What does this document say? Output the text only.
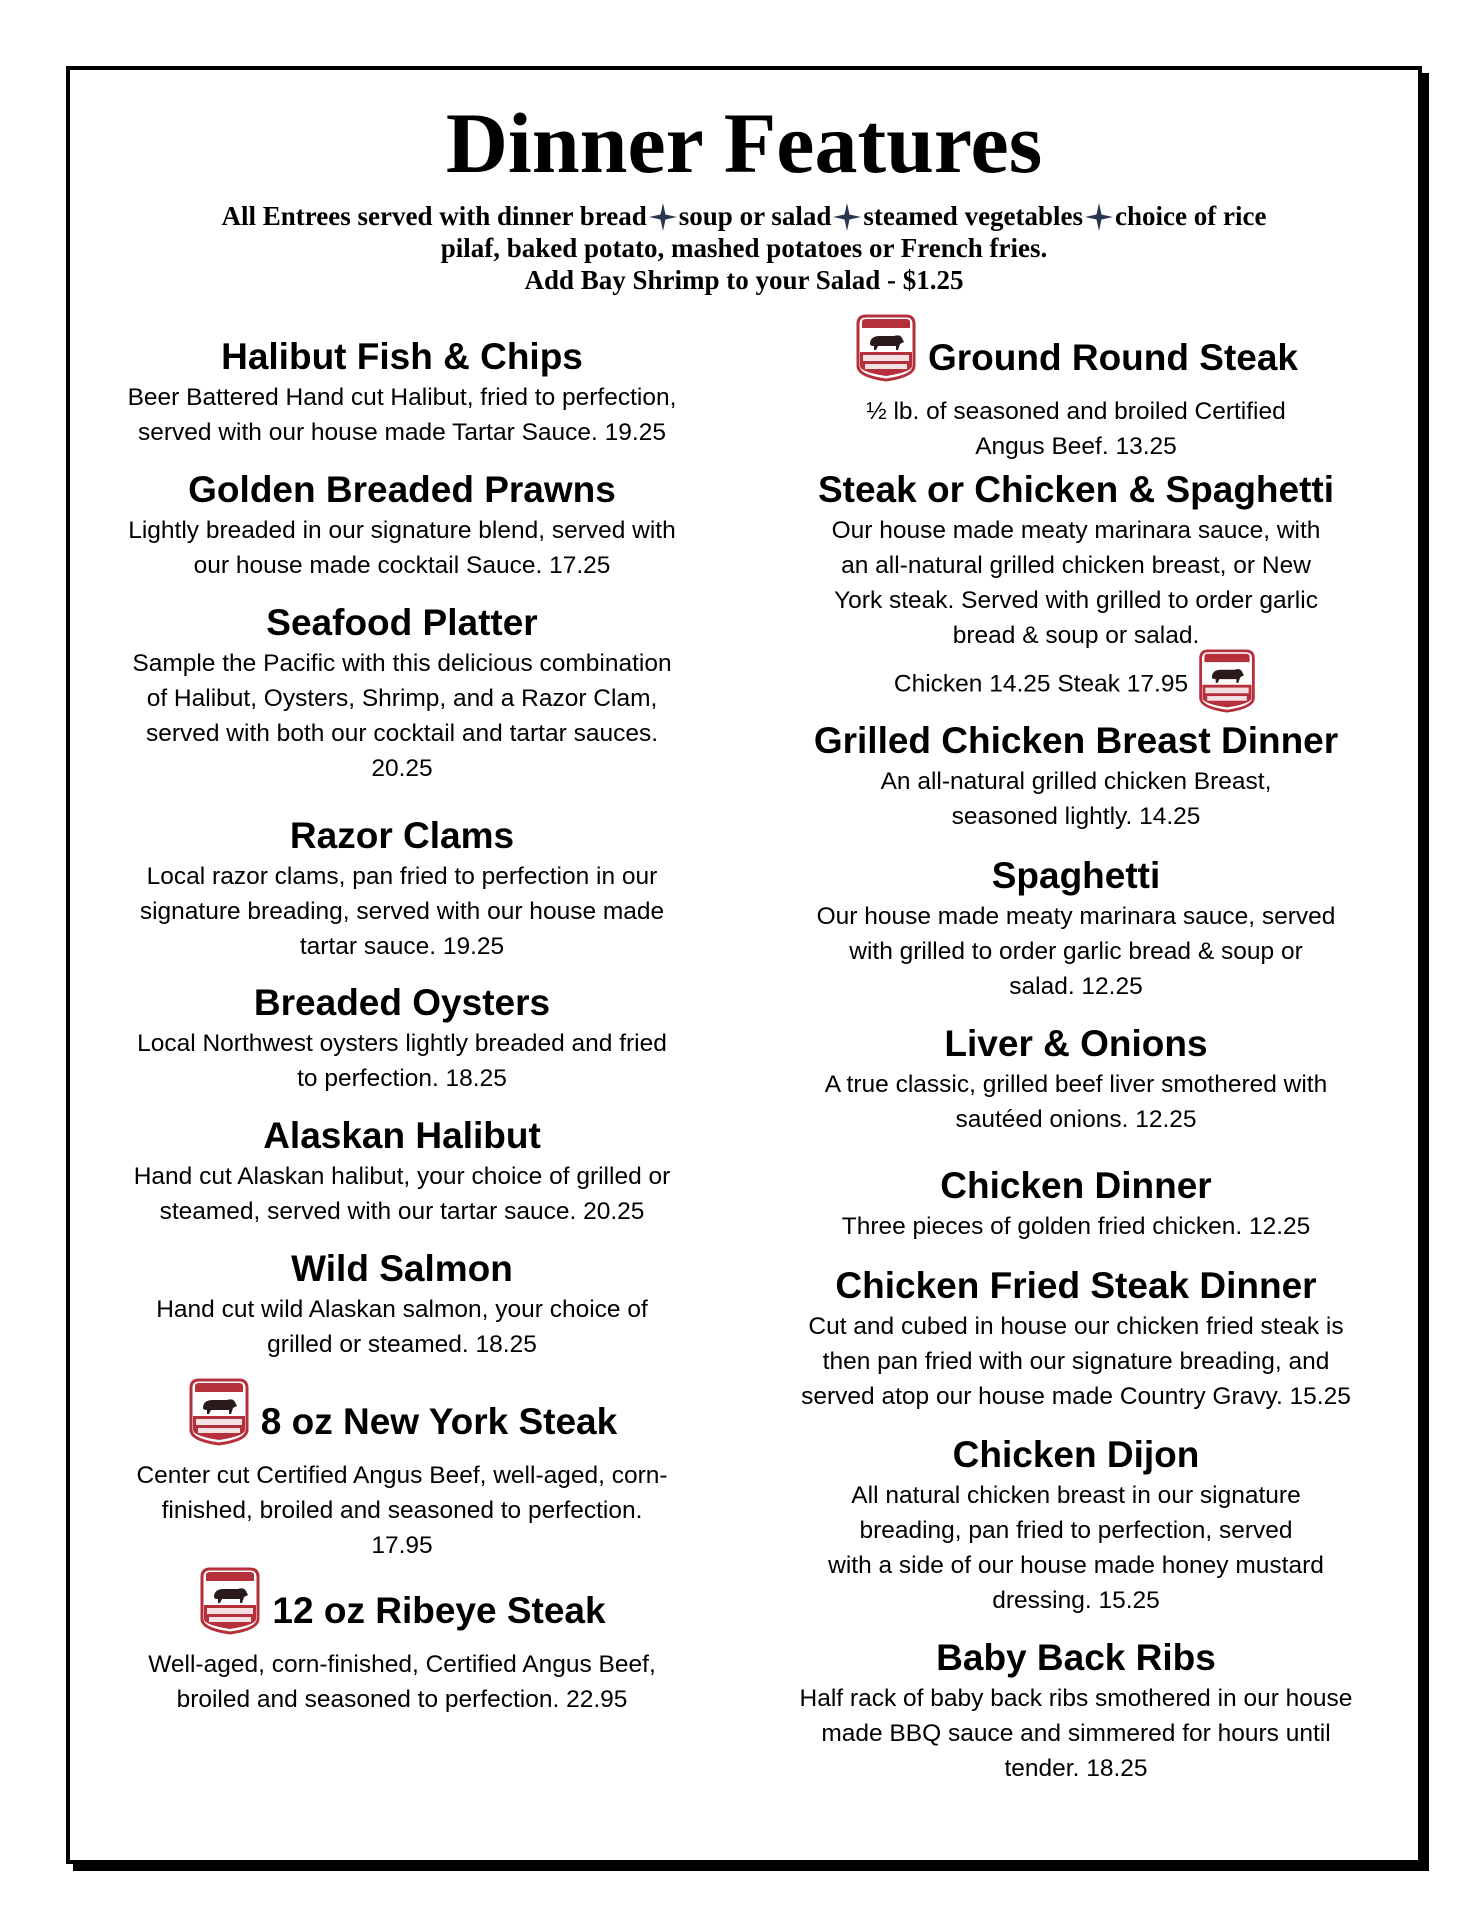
Dinner Features
All Entrees served with dinner bread soup or salad steamed vegetables choice of rice
pilaf, baked potato, mashed potatoes or French fries.
Add Bay Shrimp to your Salad - $1.25
Halibut Fish & Chips
Beer Battered Hand cut Halibut, fried to perfection,
served with our house made Tartar Sauce. 19.25
Golden Breaded Prawns
Lightly breaded in our signature blend, served with
our house made cocktail Sauce. 17.25
Seafood Platter
Sample the Pacific with this delicious combination
of Halibut, Oysters, Shrimp, and a Razor Clam,
served with both our cocktail and tartar sauces.
20.25
Razor Clams
Local razor clams, pan fried to perfection in our
signature breading, served with our house made
tartar sauce. 19.25
Breaded Oysters
Local Northwest oysters lightly breaded and fried
to perfection. 18.25
Alaskan Halibut
Hand cut Alaskan halibut, your choice of grilled or
steamed, served with our tartar sauce. 20.25
Wild Salmon
Hand cut wild Alaskan salmon, your choice of
grilled or steamed. 18.25
8 oz New York Steak
Center cut Certified Angus Beef, well-aged, corn-
finished, broiled and seasoned to perfection.
17.95
12 oz Ribeye Steak
Well-aged, corn-finished, Certified Angus Beef,
broiled and seasoned to perfection. 22.95
Ground Round Steak
½ lb. of seasoned and broiled Certified
Angus Beef. 13.25
Steak or Chicken & Spaghetti
Our house made meaty marinara sauce, with
an all-natural grilled chicken breast, or New
York steak. Served with grilled to order garlic
bread & soup or salad.
Chicken 14.25 Steak 17.95
Grilled Chicken Breast Dinner
An all-natural grilled chicken Breast,
seasoned lightly. 14.25
Spaghetti
Our house made meaty marinara sauce, served
with grilled to order garlic bread & soup or
salad. 12.25
Liver & Onions
A true classic, grilled beef liver smothered with
sautéed onions. 12.25
Chicken Dinner
Three pieces of golden fried chicken. 12.25
Chicken Fried Steak Dinner
Cut and cubed in house our chicken fried steak is
then pan fried with our signature breading, and
served atop our house made Country Gravy. 15.25
Chicken Dijon
All natural chicken breast in our signature
breading, pan fried to perfection, served
with a side of our house made honey mustard
dressing. 15.25
Baby Back Ribs
Half rack of baby back ribs smothered in our house
made BBQ sauce and simmered for hours until
tender. 18.25
